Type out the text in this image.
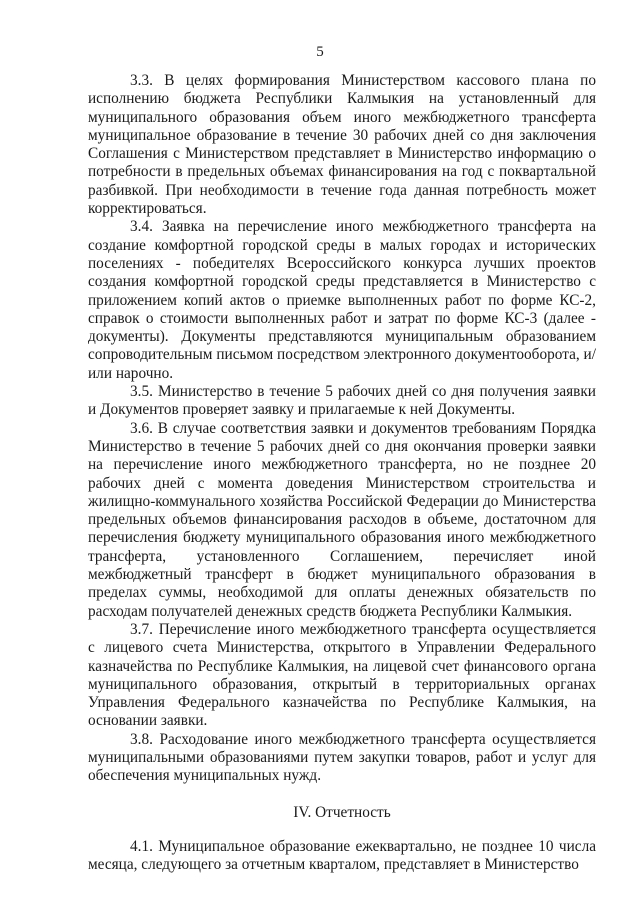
5

3.3. В целях формирования Министерством кассового плана по исполнению бюджета Республики Калмыкия на установленный для муниципального образования объем иного межбюджетного трансферта муниципальное образование в течение 30 рабочих дней со дня заключения Соглашения с Министерством представляет в Министерство информацию о потребности в предельных объемах финансирования на год с поквартальной разбивкой. При необходимости в течение года данная потребность может корректироваться.

3.4. Заявка на перечисление иного межбюджетного трансферта на создание комфортной городской среды в малых городах и исторических поселениях - победителях Всероссийского конкурса лучших проектов создания комфортной городской среды представляется в Министерство с приложением копий актов о приемке выполненных работ по форме КС-2, справок о стоимости выполненных работ и затрат по форме КС-3 (далее - документы). Документы представляются муниципальным образованием сопроводительным письмом посредством электронного документооборота, и/или нарочно.

3.5. Министерство в течение 5 рабочих дней со дня получения заявки и Документов проверяет заявку и прилагаемые к ней Документы.

3.6. В случае соответствия заявки и документов требованиям Порядка Министерство в течение 5 рабочих дней со дня окончания проверки заявки на перечисление иного межбюджетного трансферта, но не позднее 20 рабочих дней с момента доведения Министерством строительства и жилищно-коммунального хозяйства Российской Федерации до Министерства предельных объемов финансирования расходов в объеме, достаточном для перечисления бюджету муниципального образования иного межбюджетного трансферта, установленного Соглашением, перечисляет иной межбюджетный трансферт в бюджет муниципального образования в пределах суммы, необходимой для оплаты денежных обязательств по расходам получателей денежных средств бюджета Республики Калмыкия.

3.7. Перечисление иного межбюджетного трансферта осуществляется с лицевого счета Министерства, открытого в Управлении Федерального казначейства по Республике Калмыкия, на лицевой счет финансового органа муниципального образования, открытый в территориальных органах Управления Федерального казначейства по Республике Калмыкия, на основании заявки.

3.8. Расходование иного межбюджетного трансферта осуществляется муниципальными образованиями путем закупки товаров, работ и услуг для обеспечения муниципальных нужд.

IV. Отчетность

4.1. Муниципальное образование ежеквартально, не позднее 10 числа месяца, следующего за отчетным кварталом, представляет в Министерство
